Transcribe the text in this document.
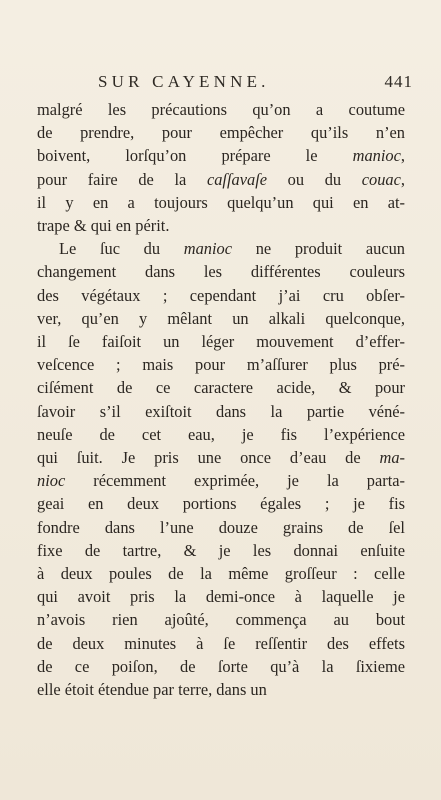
SUR CAYENNE.	441
malgré les précautions qu’on a coutume
de prendre, pour empêcher qu’ils n’en
boivent, lorſqu’on prépare le manioc,
pour faire de la caſſavaſe ou du couac,
il y en a toujours quelqu’un qui en at-
trape & qui en périt.
Le ſuc du manioc ne produit aucun
changement dans les différentes couleurs
des végétaux ; cependant j’ai cru obſer-
ver, qu’en y mêlant un alkali quelconque,
il ſe faiſoit un léger mouvement d’effer-
veſcence ; mais pour m’aſſurer plus pré-
ciſément de ce caractere acide, & pour
ſavoir s’il exiſtoit dans la partie véné-
neuſe de cet eau, je fis l’expérience
qui ſuit. Je pris une once d’eau de ma-
nioc récemment exprimée, je la parta-
geai en deux portions égales ; je fis
fondre dans l’une douze grains de ſel
fixe de tartre, & je les donnai enſuite
à deux poules de la même groſſeur : celle
qui avoit pris la demi-once à laquelle je
n’avois rien ajoûté, commença au bout
de deux minutes à ſe reſſentir des effets
de ce poiſon, de ſorte qu’à la ſixieme
elle étoit étendue par terre, dans un
